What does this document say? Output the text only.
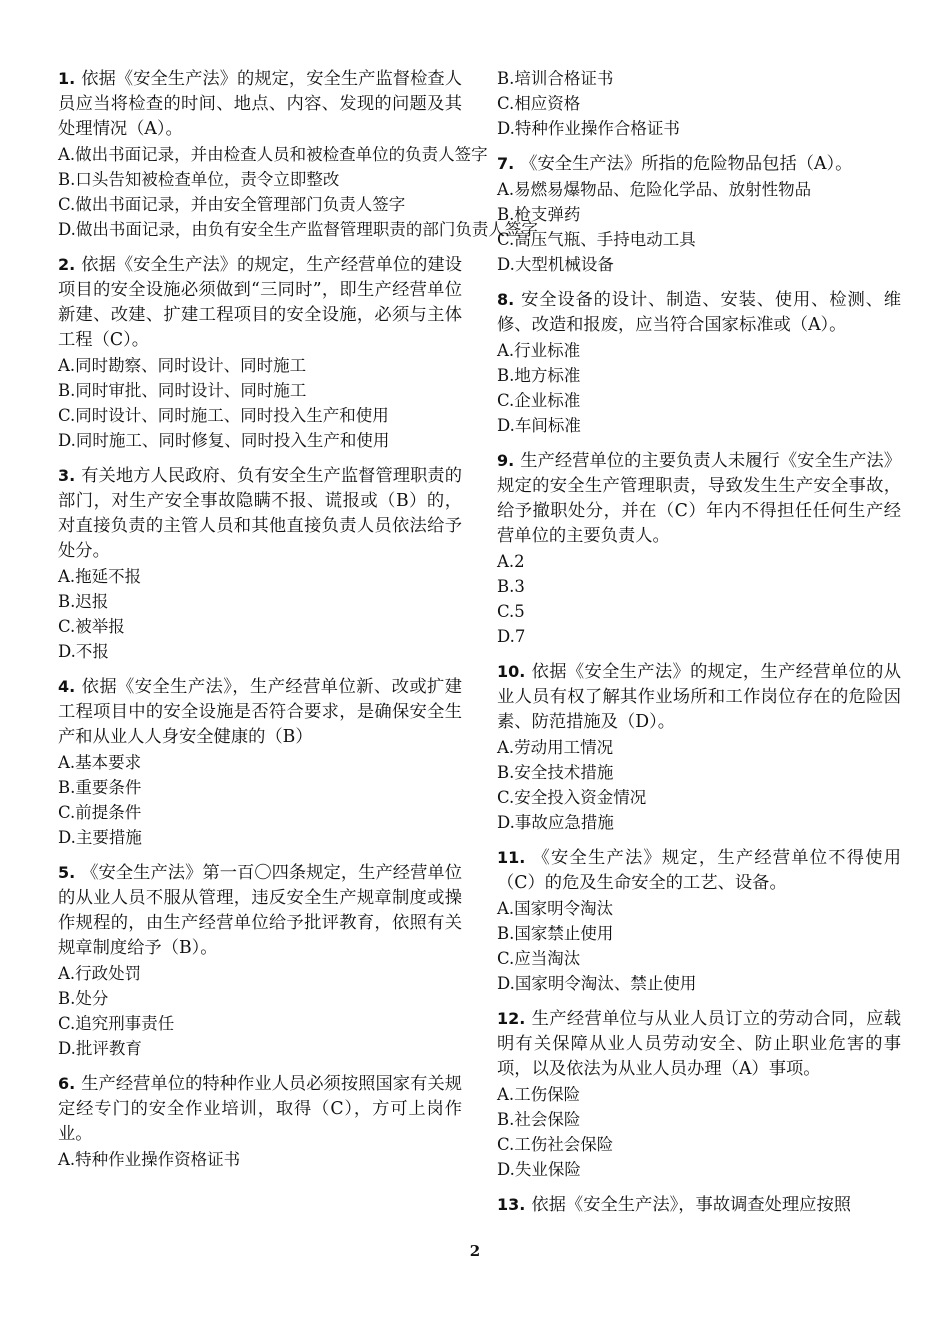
1. 依据《安全生产法》的规定，安全生产监督检查人员应当将检查的时间、地点、内容、发现的问题及其处理情况（A）。

A.做出书面记录，并由检查人员和被检查单位的负责人签字

B.口头告知被检查单位，责令立即整改

C.做出书面记录，并由安全管理部门负责人签字

D.做出书面记录，由负有安全生产监督管理职责的部门负责人签字

2. 依据《安全生产法》的规定，生产经营单位的建设项目的安全设施必须做到“三同时”，即生产经营单位新建、改建、扩建工程项目的安全设施，必须与主体工程（C）。

A.同时勘察、同时设计、同时施工

B.同时审批、同时设计、同时施工

C.同时设计、同时施工、同时投入生产和使用

D.同时施工、同时修复、同时投入生产和使用

3. 有关地方人民政府、负有安全生产监督管理职责的部门，对生产安全事故隐瞒不报、谎报或（B）的，对直接负责的主管人员和其他直接负责人员依法给予处分。

A.拖延不报

B.迟报

C.被举报

D.不报

4. 依据《安全生产法》，生产经营单位新、改或扩建工程项目中的安全设施是否符合要求，是确保安全生产和从业人人身安全健康的（B）

A.基本要求

B.重要条件

C.前提条件

D.主要措施

5. 《安全生产法》第一百〇四条规定，生产经营单位的从业人员不服从管理，违反安全生产规章制度或操作规程的，由生产经营单位给予批评教育，依照有关规章制度给予（B）。

A.行政处罚

B.处分

C.追究刑事责任

D.批评教育

6. 生产经营单位的特种作业人员必须按照国家有关规定经专门的安全作业培训，取得（C），方可上岗作业。

A.特种作业操作资格证书

B.培训合格证书

C.相应资格

D.特种作业操作合格证书

7. 《安全生产法》所指的危险物品包括（A）。

A.易燃易爆物品、危险化学品、放射性物品

B.枪支弹药

C.高压气瓶、手持电动工具

D.大型机械设备

8. 安全设备的设计、制造、安装、使用、检测、维修、改造和报废，应当符合国家标准或（A）。

A.行业标准

B.地方标准

C.企业标准

D.车间标准

9. 生产经营单位的主要负责人未履行《安全生产法》规定的安全生产管理职责，导致发生生产安全事故，给予撤职处分，并在（C）年内不得担任任何生产经营单位的主要负责人。

A.2

B.3

C.5

D.7

10. 依据《安全生产法》的规定，生产经营单位的从业人员有权了解其作业场所和工作岗位存在的危险因素、防范措施及（D）。

A.劳动用工情况

B.安全技术措施

C.安全投入资金情况

D.事故应急措施

11. 《安全生产法》规定，生产经营单位不得使用（C）的危及生命安全的工艺、设备。

A.国家明令淘汰

B.国家禁止使用

C.应当淘汰

D.国家明令淘汰、禁止使用

12. 生产经营单位与从业人员订立的劳动合同，应载明有关保障从业人员劳动安全、防止职业危害的事项，以及依法为从业人员办理（A）事项。

A.工伤保险

B.社会保险

C.工伤社会保险

D.失业保险

13. 依据《安全生产法》，事故调查处理应按照

2
